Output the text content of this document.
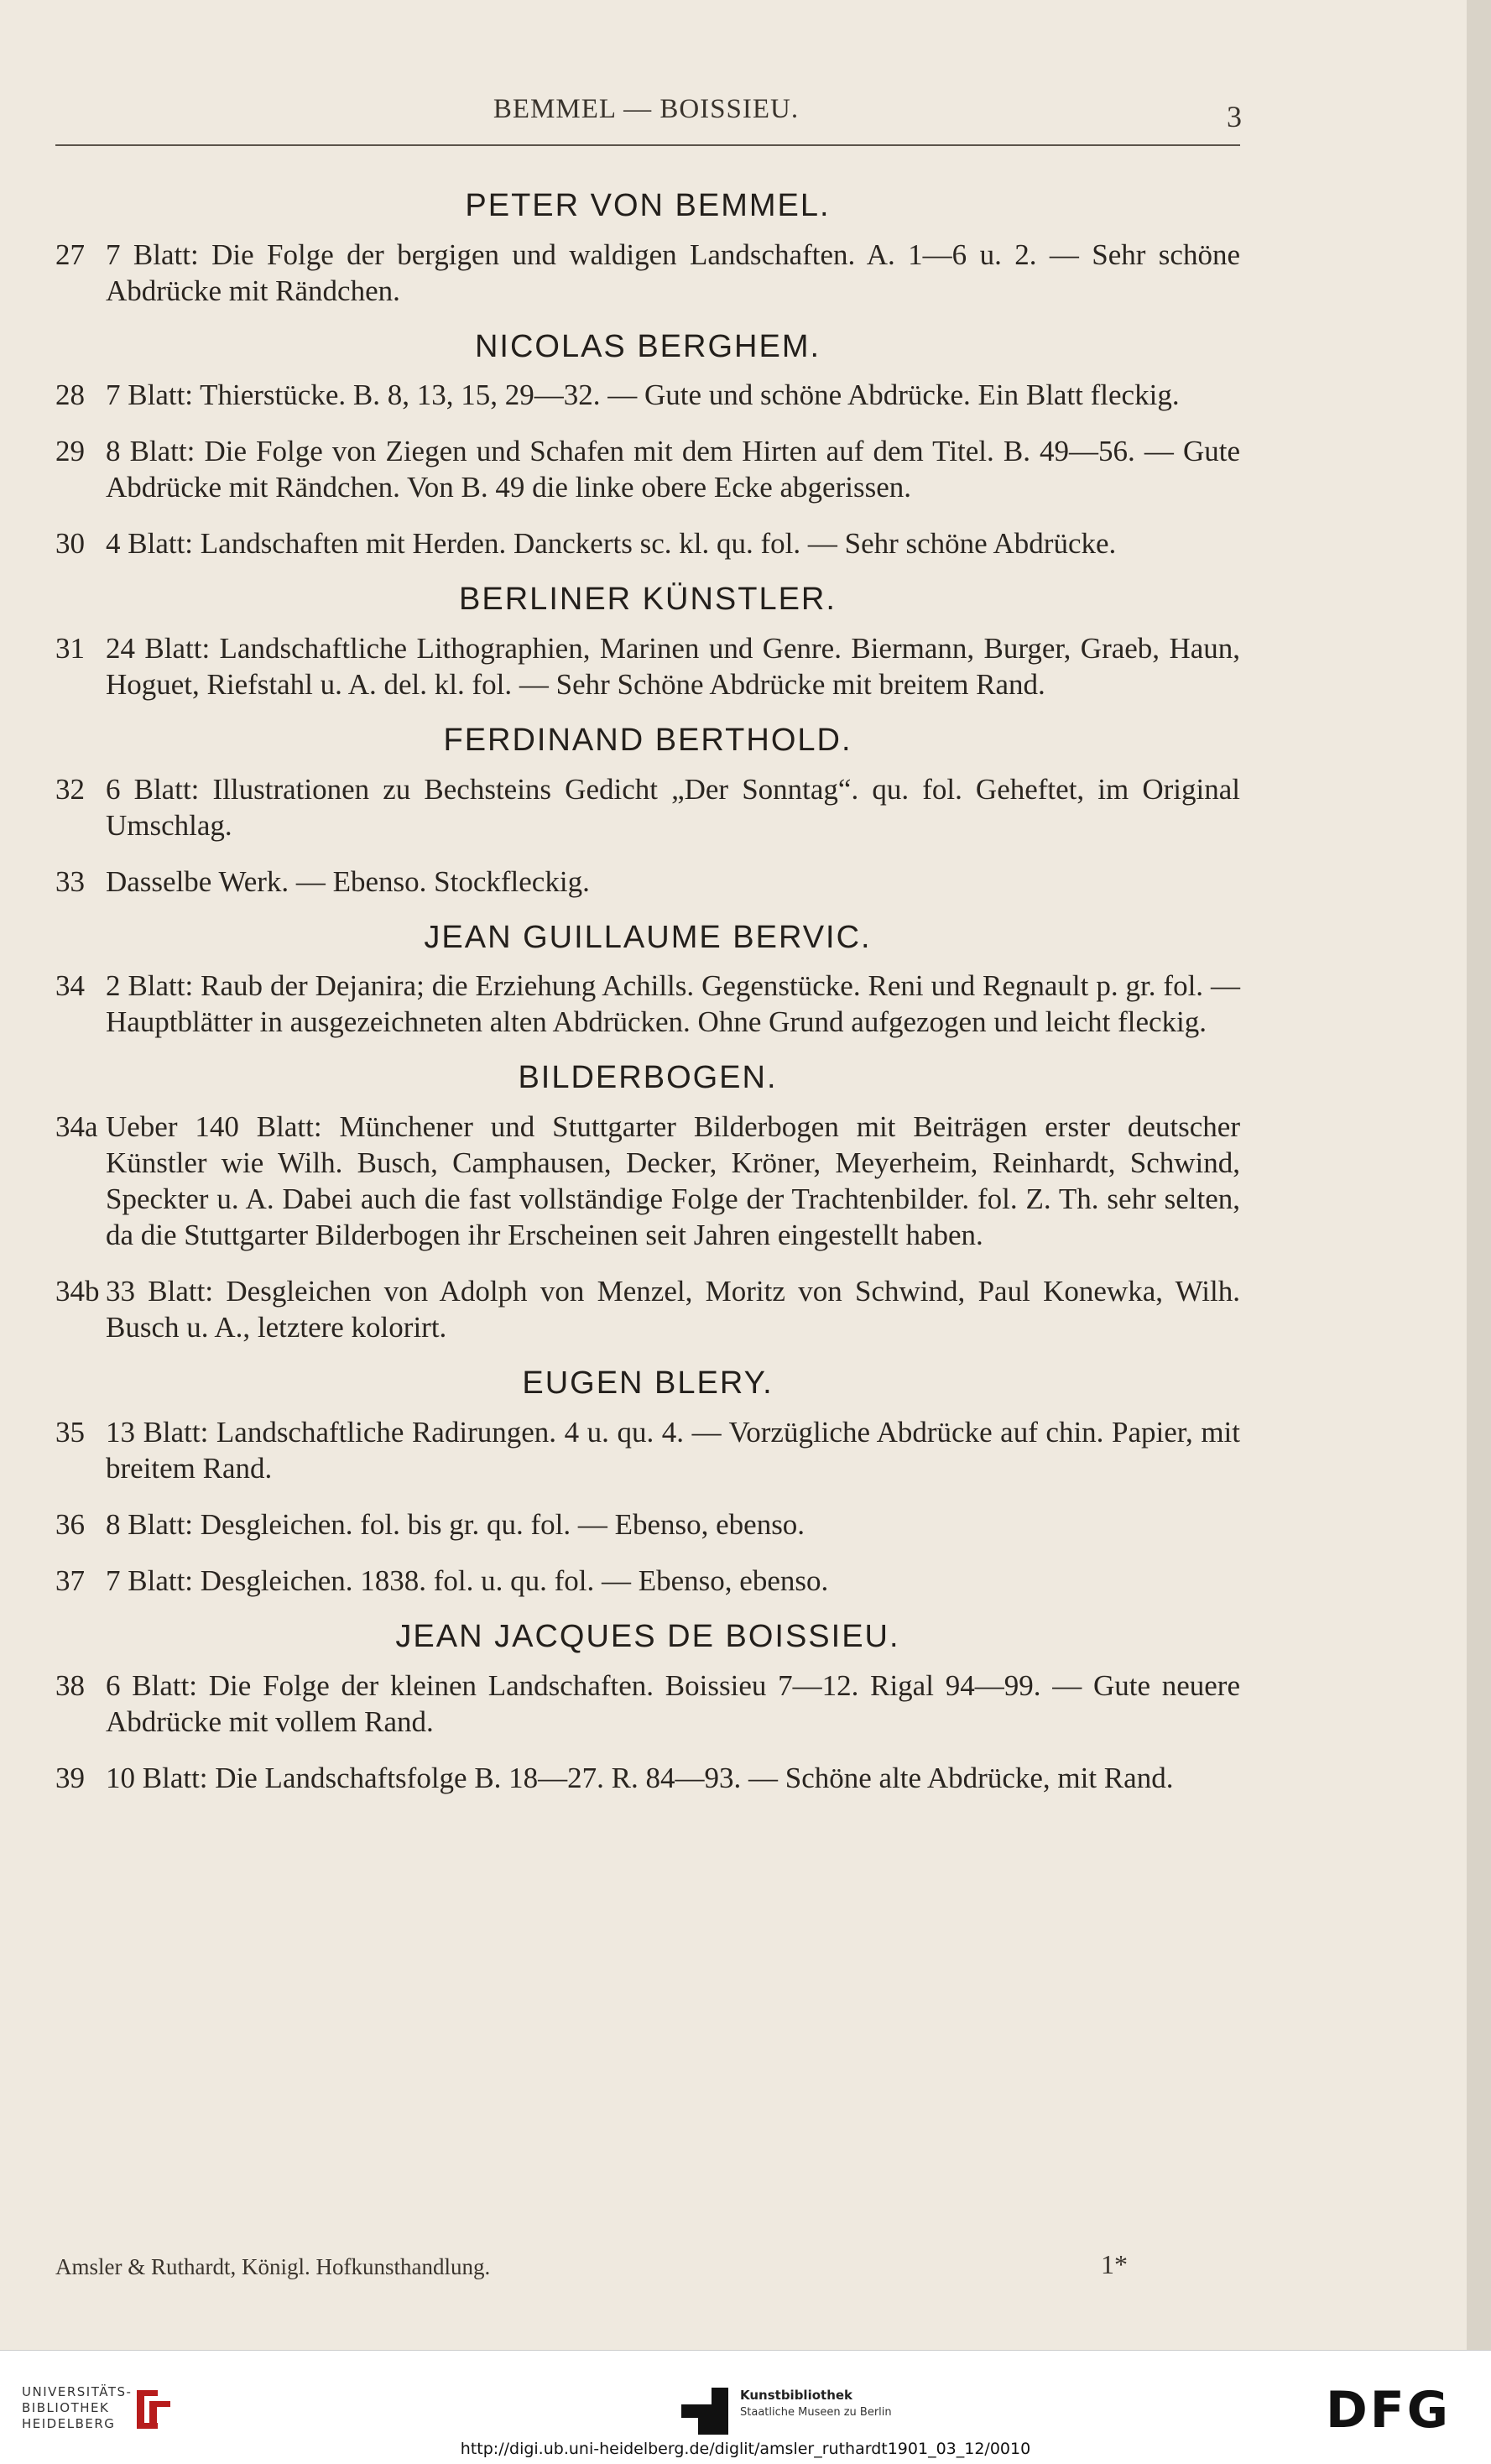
BEMMEL — BOISSIEU.	3
PETER VON BEMMEL.
27 7 Blatt: Die Folge der bergigen und waldigen Landschaften. A. 1—6 u. 2. — Sehr schöne Abdrücke mit Rändchen.
NICOLAS BERGHEM.
28 7 Blatt: Thierstücke. B. 8, 13, 15, 29—32. — Gute und schöne Abdrücke. Ein Blatt fleckig.
29 8 Blatt: Die Folge von Ziegen und Schafen mit dem Hirten auf dem Titel. B. 49—56. — Gute Abdrücke mit Rändchen. Von B. 49 die linke obere Ecke abgerissen.
30 4 Blatt: Landschaften mit Herden. Danckerts sc. kl. qu. fol. — Sehr schöne Abdrücke.
BERLINER KÜNSTLER.
31 24 Blatt: Landschaftliche Lithographien, Marinen und Genre. Biermann, Burger, Graeb, Haun, Hoguet, Riefstahl u. A. del. kl. fol. — Sehr Schöne Abdrücke mit breitem Rand.
FERDINAND BERTHOLD.
32 6 Blatt: Illustrationen zu Bechsteins Gedicht „Der Sonntag“. qu. fol. Geheftet, im Original Umschlag.
33 Dasselbe Werk. — Ebenso. Stockfleckig.
JEAN GUILLAUME BERVIC.
34 2 Blatt: Raub der Dejanira; die Erziehung Achills. Gegenstücke. Reni und Regnault p. gr. fol. — Hauptblätter in ausgezeichneten alten Abdrücken. Ohne Grund aufgezogen und leicht fleckig.
BILDERBOGEN.
34a Ueber 140 Blatt: Münchener und Stuttgarter Bilderbogen mit Beiträgen erster deutscher Künstler wie Wilh. Busch, Camphausen, Decker, Kröner, Meyerheim, Reinhardt, Schwind, Speckter u. A. Dabei auch die fast vollständige Folge der Trachtenbilder. fol. Z. Th. sehr selten, da die Stuttgarter Bilderbogen ihr Erscheinen seit Jahren eingestellt haben.
34b 33 Blatt: Desgleichen von Adolph von Menzel, Moritz von Schwind, Paul Konewka, Wilh. Busch u. A., letztere kolorirt.
EUGEN BLERY.
35 13 Blatt: Landschaftliche Radirungen. 4 u. qu. 4. — Vorzügliche Abdrücke auf chin. Papier, mit breitem Rand.
36 8 Blatt: Desgleichen. fol. bis gr. qu. fol. — Ebenso, ebenso.
37 7 Blatt: Desgleichen. 1838. fol. u. qu. fol. — Ebenso, ebenso.
JEAN JACQUES DE BOISSIEU.
38 6 Blatt: Die Folge der kleinen Landschaften. Boissieu 7—12. Rigal 94—99. — Gute neuere Abdrücke mit vollem Rand.
39 10 Blatt: Die Landschaftsfolge B. 18—27. R. 84—93. — Schöne alte Abdrücke, mit Rand.
Amsler & Ruthardt, Königl. Hofkunsthandlung.	1*
UNIVERSITÄTS-
BIBLIOTHEK
HEIDELBERG
Kunstbibliothek
Staatliche Museen zu Berlin	DFG
http://digi.ub.uni-heidelberg.de/diglit/amsler_ruthardt1901_03_12/0010
